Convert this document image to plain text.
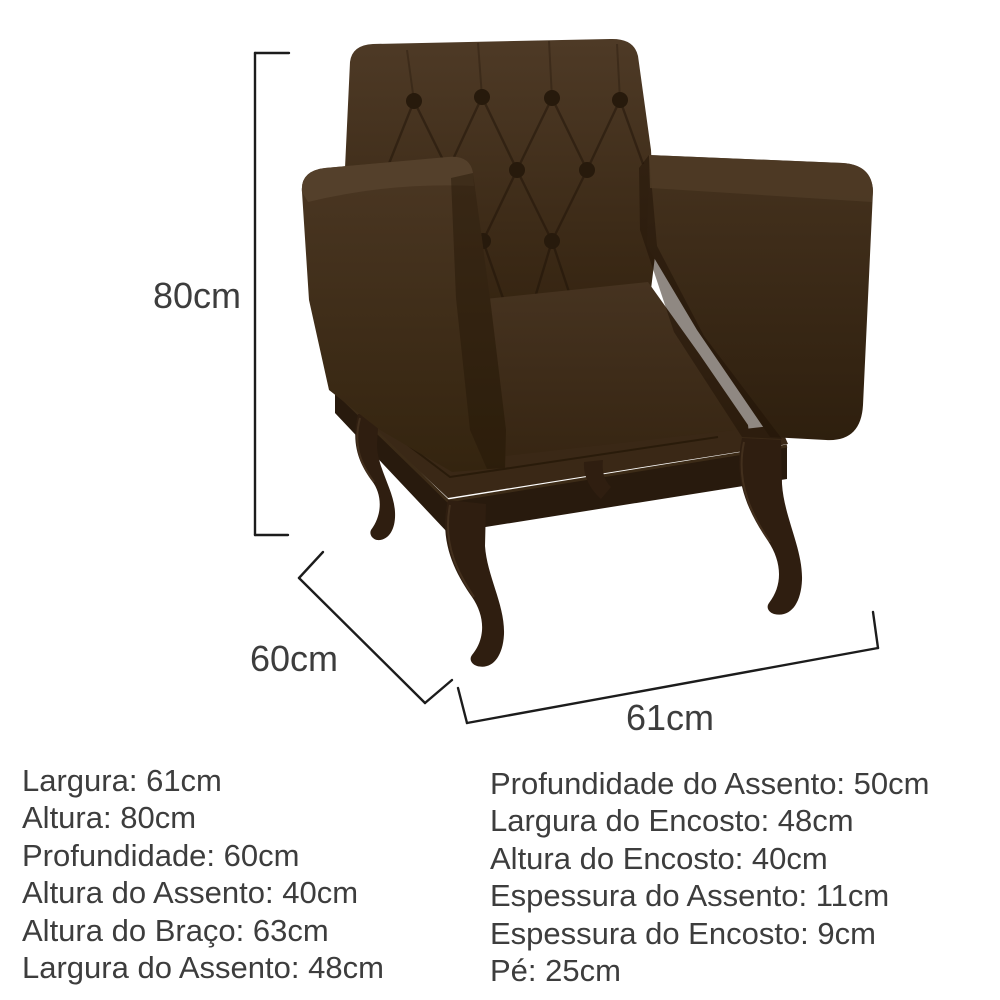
80cm
60cm
61cm
Largura: 61cm
Altura: 80cm
Profundidade: 60cm
Altura do Assento: 40cm
Altura do Braço: 63cm
Largura do Assento: 48cm
Profundidade do Assento: 50cm
Largura do Encosto: 48cm
Altura do Encosto: 40cm
Espessura do Assento: 11cm
Espessura do Encosto: 9cm
Pé: 25cm
